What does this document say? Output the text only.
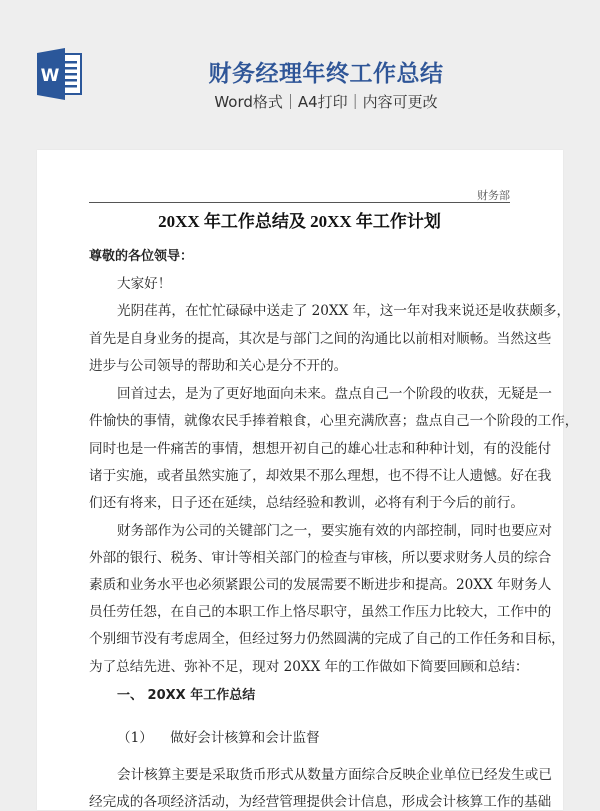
W	财务经理年终工作总结
Word格式｜A4打印｜内容可更改
财务部
20XX 年工作总结及 20XX 年工作计划
尊敬的各位领导：
大家好！
光阴荏苒，在忙忙碌碌中送走了 20XX 年，这一年对我来说还是收获颇多，
首先是自身业务的提高，其次是与部门之间的沟通比以前相对顺畅。当然这些
进步与公司领导的帮助和关心是分不开的。
回首过去，是为了更好地面向未来。盘点自己一个阶段的收获，无疑是一
件愉快的事情，就像农民手捧着粮食，心里充满欣喜；盘点自己一个阶段的工作，
同时也是一件痛苦的事情，想想开初自己的雄心壮志和种种计划，有的没能付
诸于实施，或者虽然实施了，却效果不那么理想，也不得不让人遗憾。好在我
们还有将来，日子还在延续，总结经验和教训，必将有利于今后的前行。
财务部作为公司的关键部门之一，要实施有效的内部控制，同时也要应对
外部的银行、税务、审计等相关部门的检查与审核，所以要求财务人员的综合
素质和业务水平也必须紧跟公司的发展需要不断进步和提高。20XX 年财务人
员任劳任怨，在自己的本职工作上恪尽职守，虽然工作压力比较大，工作中的
个别细节没有考虑周全，但经过努力仍然圆满的完成了自己的工作任务和目标，
为了总结先进、弥补不足，现对 20XX 年的工作做如下简要回顾和总结：
一、 20XX 年工作总结
（1）    做好会计核算和会计监督
会计核算主要是采取货币形式从数量方面综合反映企业单位已经发生或已
经完成的各项经济活动，为经营管理提供会计信息，形成会计核算工作的基础
